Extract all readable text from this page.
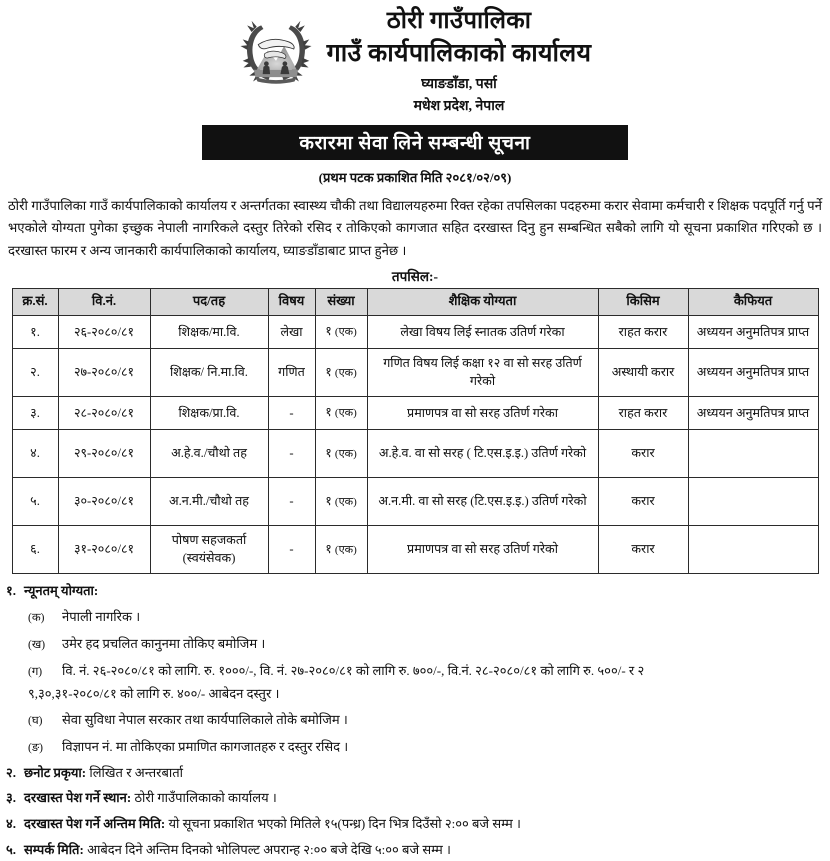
ठोरी गाउँपालिका
गाउँ कार्यपालिकाको कार्यालय
घ्याङडाँडा, पर्सा
मधेश प्रदेश, नेपाल
करारमा सेवा लिने सम्बन्धी सूचना
(प्रथम पटक प्रकाशित मिति २०८१/०२/०९)
ठोरी गाउँपालिका गाउँ कार्यपालिकाको कार्यालय र अन्तर्गतका स्वास्थ्य चौकी तथा विद्यालयहरुमा रिक्त रहेका तपसिलका पदहरुमा करार सेवामा कर्मचारी र शिक्षक पदपूर्ति गर्नु पर्ने भएकोले योग्यता पुगेका इच्छुक नेपाली नागरिकले दस्तुर तिरेको रसिद र तोकिएको कागजात सहित दरखास्त दिनु हुन सम्बन्धित सबैको लागि यो सूचना प्रकाशित गरिएको छ । दरखास्त फारम र अन्य जानकारी कार्यपालिकाको कार्यालय, घ्याङडाँडाबाट प्राप्त हुनेछ ।
तपसिल:-
क्र.सं.	वि.नं.	पद/तह	विषय	संख्या	शैक्षिक योग्यता	किसिम	कैफियत
१.	२६-२०८०/८१	शिक्षक/मा.वि.	लेखा	१ (एक)	लेखा विषय लिई स्नातक उतिर्ण गरेका	राहत करार	अध्ययन अनुमतिपत्र प्राप्त
२.	२७-२०८०/८१	शिक्षक/ नि.मा.वि.	गणित	१ (एक)	गणित विषय लिई कक्षा १२ वा सो सरह उतिर्ण गरेको	अस्थायी करार	अध्ययन अनुमतिपत्र प्राप्त
३.	२८-२०८०/८१	शिक्षक/प्रा.वि.	-	१ (एक)	प्रमाणपत्र वा सो सरह उतिर्ण गरेका	राहत करार	अध्ययन अनुमतिपत्र प्राप्त
४.	२९-२०८०/८१	अ.हे.व./चौथो तह	-	१ (एक)	अ.हे.व. वा सो सरह ( टि.एस.इ.इ.) उतिर्ण गरेको	करार	
५.	३०-२०८०/८१	अ.न.मी./चौथो तह	-	१ (एक)	अ.न.मी. वा सो सरह (टि.एस.इ.इ.) उतिर्ण गरेको	करार	
६.	३१-२०८०/८१	पोषण सहजकर्ता (स्वयंसेवक)	-	१ (एक)	प्रमाणपत्र वा सो सरह उतिर्ण गरेको	करार	
१. न्यूनतम् योग्यता:
(क)	नेपाली नागरिक ।
(ख)	उमेर हद प्रचलित कानुनमा तोकिए बमोजिम ।
(ग)	वि. नं. २६-२०८०/८१ को लागि. रु. १०००/-, वि. नं. २७-२०८०/८१ को लागि रु. ७००/-, वि.नं. २८-२०८०/८१ को लागि रु. ५००/- र २
९,३०,३१-२०८०/८१ को लागि रु. ४००/- आबेदन दस्तुर ।
(घ)	सेवा सुविधा नेपाल सरकार तथा कार्यपालिकाले तोके बमोजिम ।
(ङ)	विज्ञापन नं. मा तोकिएका प्रमाणित कागजातहरु र दस्तुर रसिद ।
२. छनोट प्रकृया: लिखित र अन्तरबार्ता
३. दरखास्त पेश गर्ने स्थान: ठोरी गाउँपालिकाको कार्यालय ।
४. दरखास्त पेश गर्ने अन्तिम मिति: यो सूचना प्रकाशित भएको मितिले १५(पन्ध्र) दिन भित्र दिउँसो २:०० बजे सम्म ।
५. सम्पर्क मिति: आबेदन दिने अन्तिम दिनको भोलिपल्ट अपरान्ह २:०० बजे देखि ५:०० बजे सम्म ।
